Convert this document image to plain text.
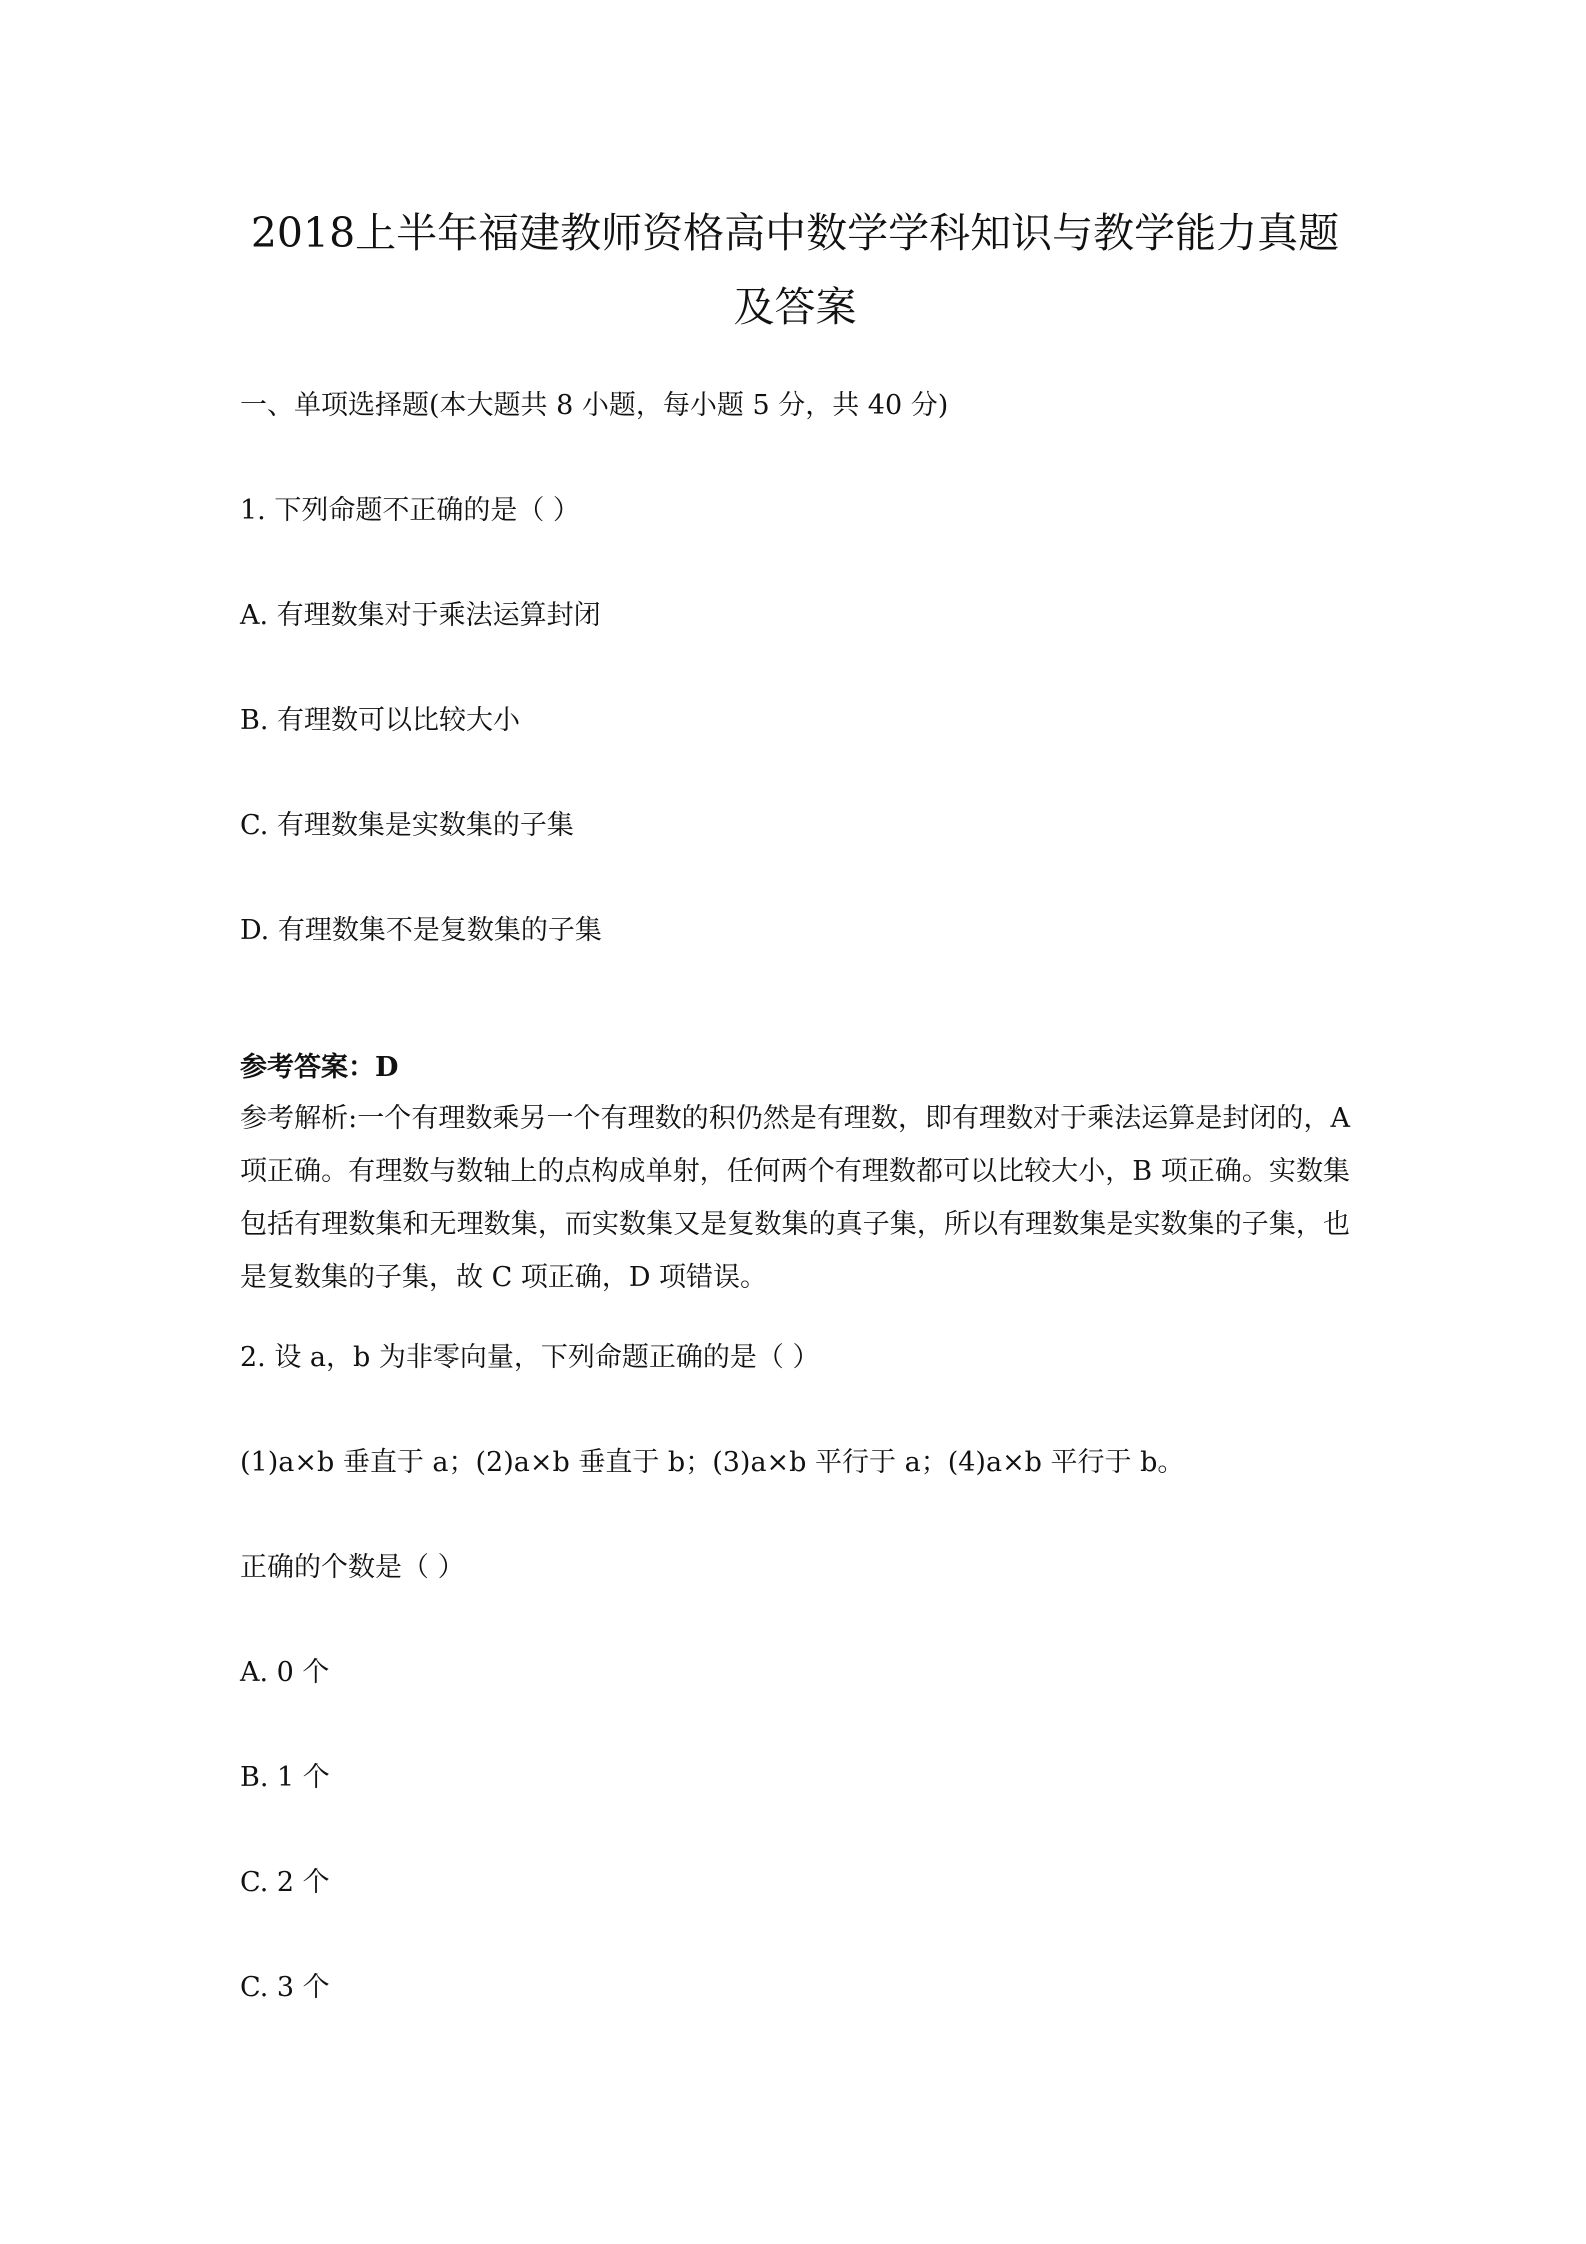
2018上半年福建教师资格高中数学学科知识与教学能力真题及答案
一、单项选择题(本大题共 8 小题，每小题 5 分，共 40 分)
1. 下列命题不正确的是（ ）
A. 有理数集对于乘法运算封闭
B. 有理数可以比较大小
C. 有理数集是实数集的子集
D. 有理数集不是复数集的子集
参考答案：D
参考解析:一个有理数乘另一个有理数的积仍然是有理数，即有理数对于乘法运算是封闭的，A 项正确。有理数与数轴上的点构成单射，任何两个有理数都可以比较大小，B 项正确。实数集包括有理数集和无理数集，而实数集又是复数集的真子集，所以有理数集是实数集的子集，也是复数集的子集，故 C 项正确，D 项错误。
2. 设 a，b 为非零向量，下列命题正确的是（ ）
(1)a×b 垂直于 a；(2)a×b 垂直于 b；(3)a×b 平行于 a；(4)a×b 平行于 b。
正确的个数是（ ）
A. 0 个
B. 1 个
C. 2 个
C. 3 个
